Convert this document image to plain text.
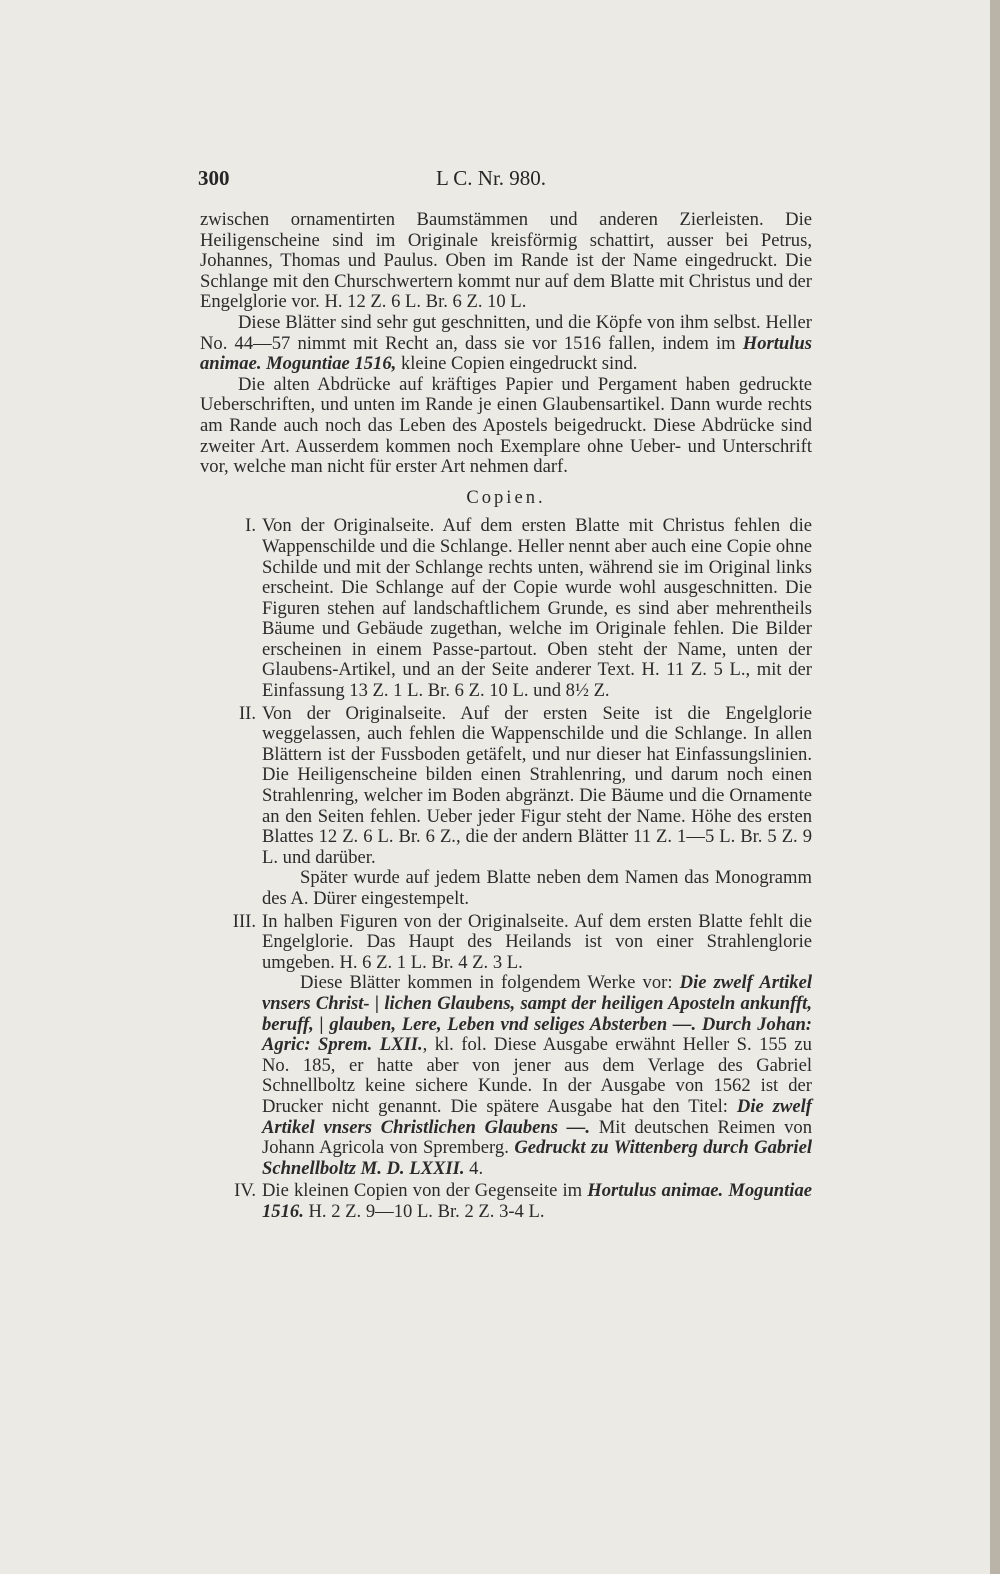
300	L C. Nr. 980.

zwischen ornamentirten Baumstämmen und anderen Zierleisten. Die Heiligenscheine sind im Originale kreisförmig schattirt, ausser bei Petrus, Johannes, Thomas und Paulus. Oben im Rande ist der Name eingedruckt. Die Schlange mit den Churschwertern kommt nur auf dem Blatte mit Christus und der Engelglorie vor. H. 12 Z. 6 L. Br. 6 Z. 10 L.

Diese Blätter sind sehr gut geschnitten, und die Köpfe von ihm selbst. Heller No. 44—57 nimmt mit Recht an, dass sie vor 1516 fallen, indem im Hortulus animae. Moguntiae 1516, kleine Copien eingedruckt sind.

Die alten Abdrücke auf kräftiges Papier und Pergament haben gedruckte Ueberschriften, und unten im Rande je einen Glaubensartikel. Dann wurde rechts am Rande auch noch das Leben des Apostels beigedruckt. Diese Abdrücke sind zweiter Art. Ausserdem kommen noch Exemplare ohne Ueber- und Unterschrift vor, welche man nicht für erster Art nehmen darf.

Copien.
I. Von der Originalseite. Auf dem ersten Blatte mit Christus fehlen die Wappenschilde und die Schlange. Heller nennt aber auch eine Copie ohne Schilde und mit der Schlange rechts unten, während sie im Original links erscheint. Die Schlange auf der Copie wurde wohl ausgeschnitten. Die Figuren stehen auf landschaftlichem Grunde, es sind aber mehrentheils Bäume und Gebäude zugethan, welche im Originale fehlen. Die Bilder erscheinen in einem Passe-partout. Oben steht der Name, unten der Glaubens-Artikel, und an der Seite anderer Text. H. 11 Z. 5 L., mit der Einfassung 13 Z. 1 L. Br. 6 Z. 10 L. und 8½ Z.

II. Von der Originalseite. Auf der ersten Seite ist die Engelglorie weggelassen, auch fehlen die Wappenschilde und die Schlange. In allen Blättern ist der Fussboden getäfelt, und nur dieser hat Einfassungslinien. Die Heiligenscheine bilden einen Strahlenring, und darum noch einen Strahlenring, welcher im Boden abgränzt. Die Bäume und die Ornamente an den Seiten fehlen. Ueber jeder Figur steht der Name. Höhe des ersten Blattes 12 Z. 6 L. Br. 6 Z., die der andern Blätter 11 Z. 1—5 L. Br. 5 Z. 9 L. und darüber.

Später wurde auf jedem Blatte neben dem Namen das Monogramm des A. Dürer eingestempelt.

III. In halben Figuren von der Originalseite. Auf dem ersten Blatte fehlt die Engelglorie. Das Haupt des Heilands ist von einer Strahlenglorie umgeben. H. 6 Z. 1 L. Br. 4 Z. 3 L.

Diese Blätter kommen in folgendem Werke vor: Die zwelf Artikel vnsers Christ- | lichen Glaubens, sampt der heiligen Aposteln ankunfft, beruff, | glauben, Lere, Leben vnd seliges Absterben —. Durch Johan: Agric: Sprem. LXII., kl. fol. Diese Ausgabe erwähnt Heller S. 155 zu No. 185, er hatte aber von jener aus dem Verlage des Gabriel Schnellboltz keine sichere Kunde. In der Ausgabe von 1562 ist der Drucker nicht genannt. Die spätere Ausgabe hat den Titel: Die zwelf Artikel vnsers Christlichen Glaubens —. Mit deutschen Reimen von Johann Agricola von Spremberg. Gedruckt zu Wittenberg durch Gabriel Schnellboltz M. D. LXXII. 4.

IV. Die kleinen Copien von der Gegenseite im Hortulus animae. Moguntiae 1516. H. 2 Z. 9—10 L. Br. 2 Z. 3-4 L.
